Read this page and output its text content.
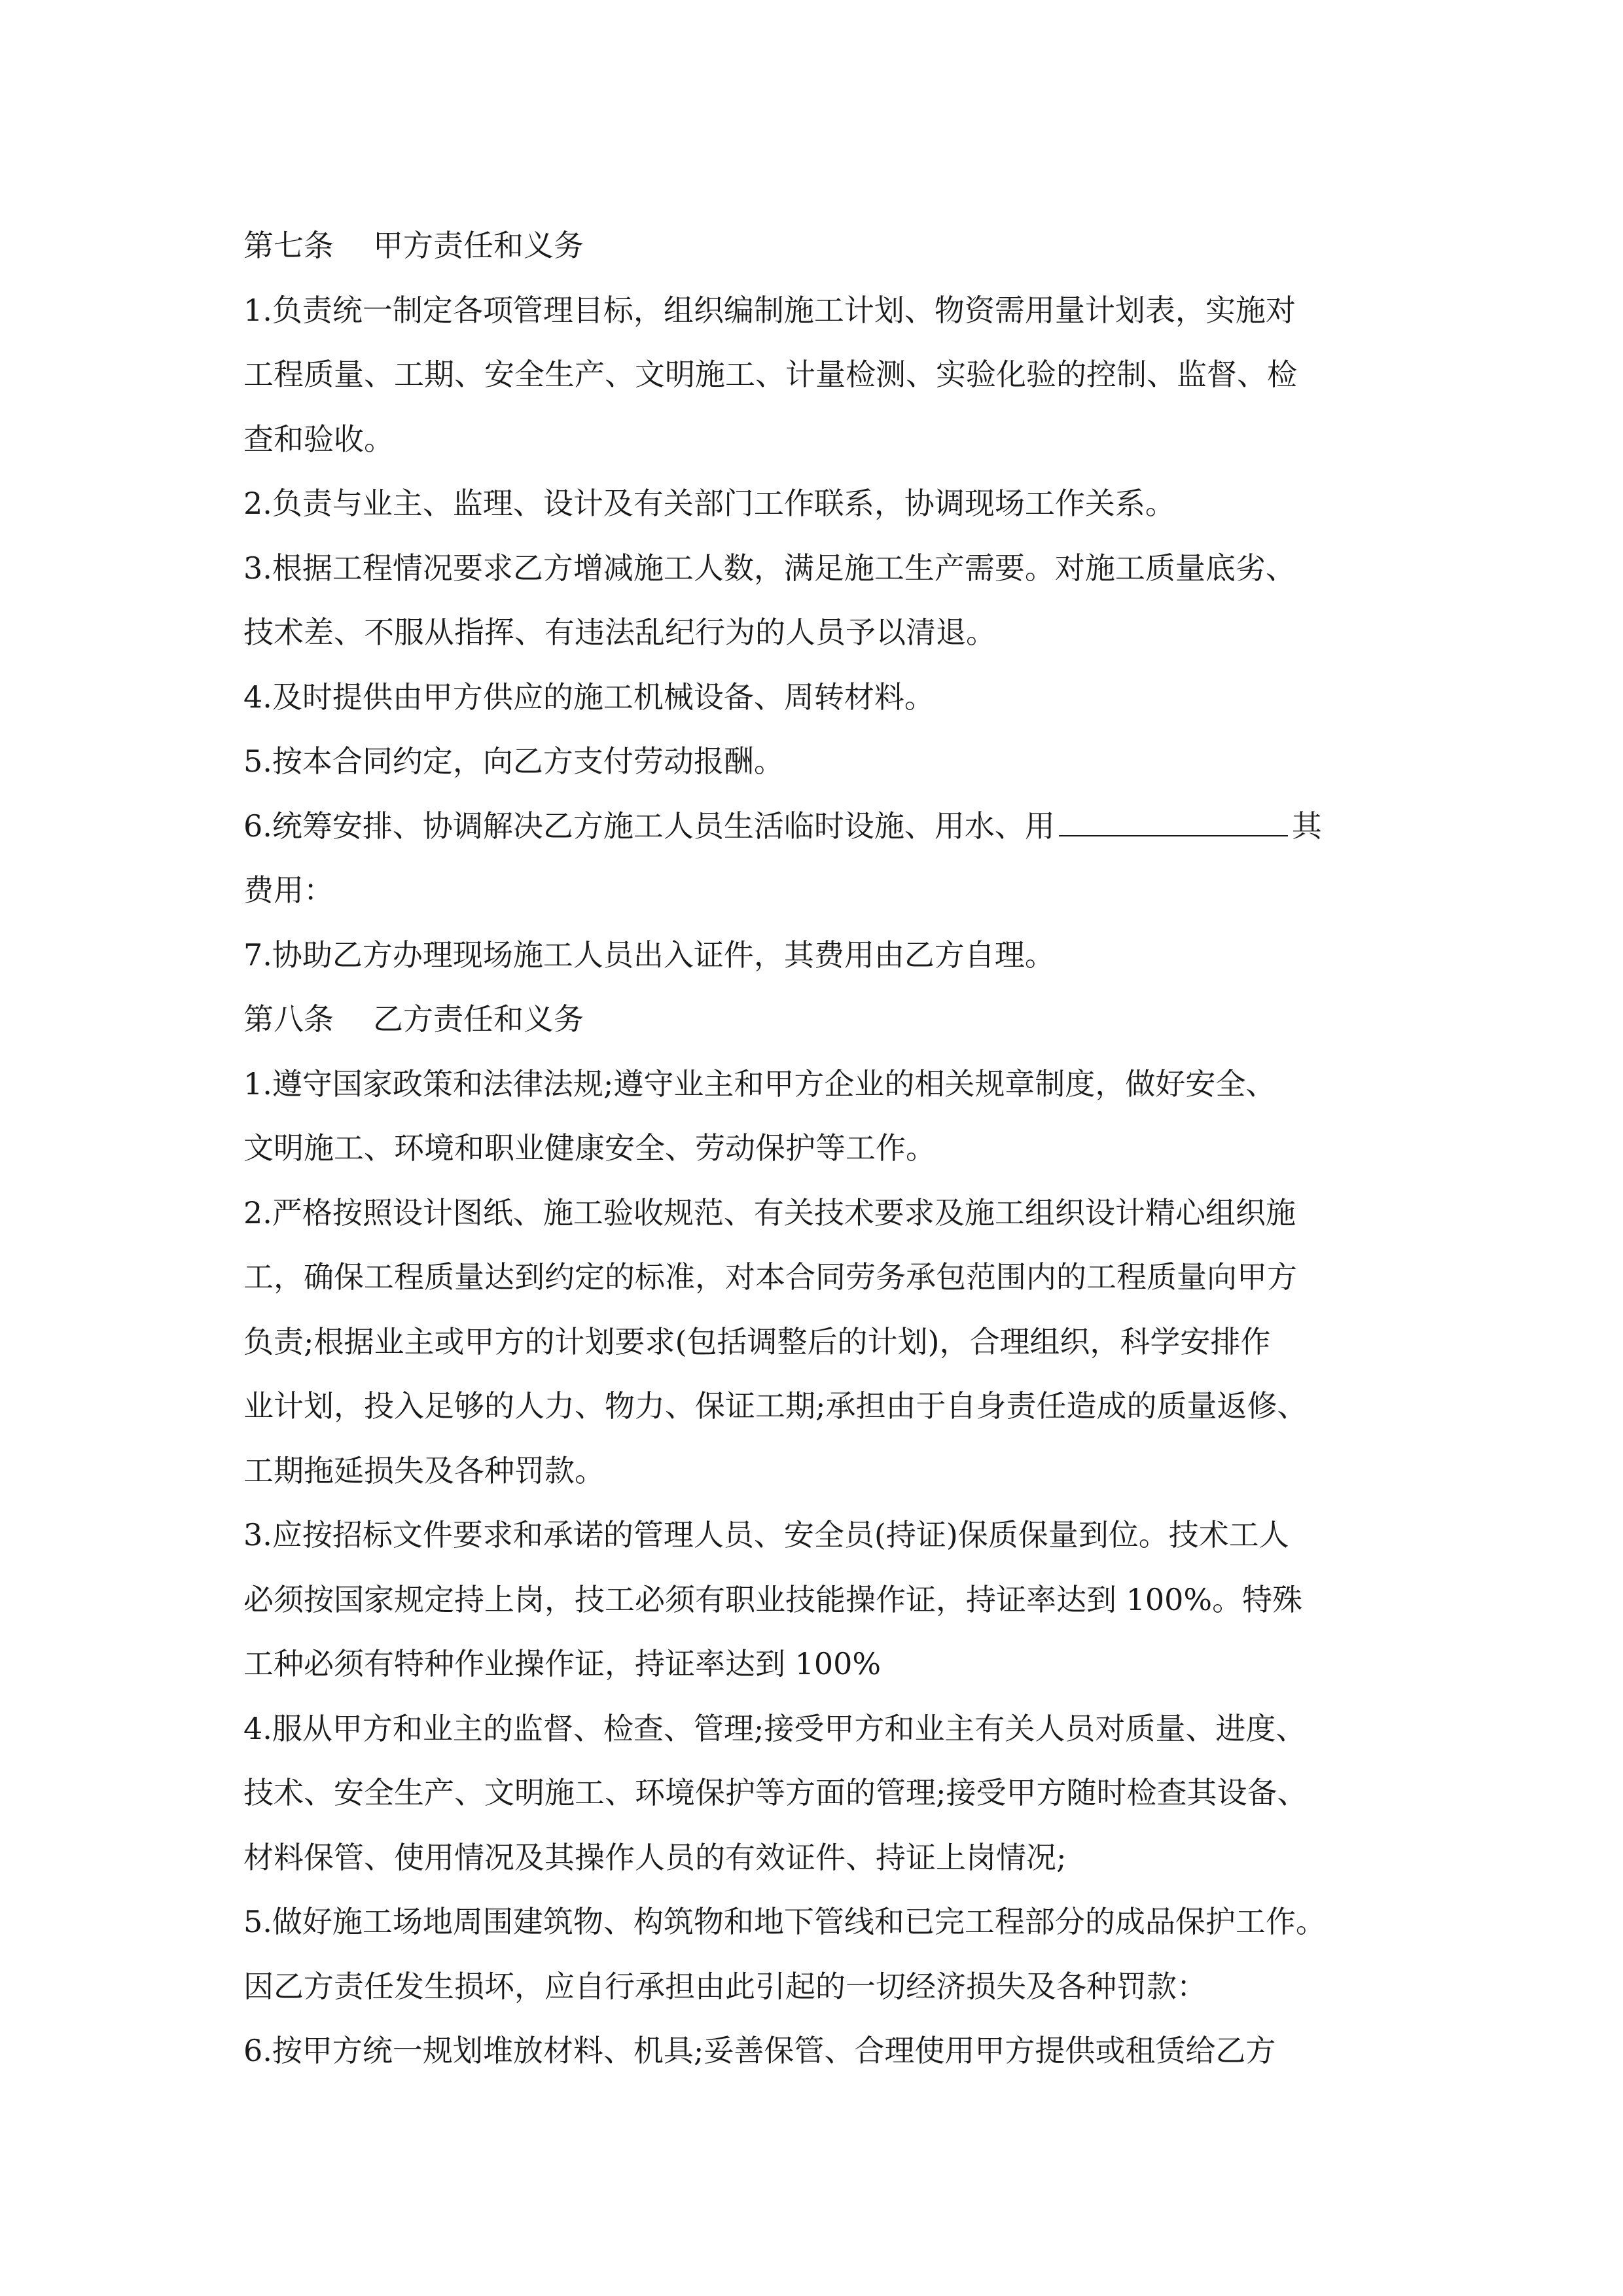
第七条 甲方责任和义务
1.负责统一制定各项管理目标，组织编制施工计划、物资需用量计划表，实施对
工程质量、工期、安全生产、文明施工、计量检测、实验化验的控制、监督、检
查和验收。
2.负责与业主、监理、设计及有关部门工作联系，协调现场工作关系。
3.根据工程情况要求乙方增减施工人数，满足施工生产需要。对施工质量底劣、
技术差、不服从指挥、有违法乱纪行为的人员予以清退。
4.及时提供由甲方供应的施工机械设备、周转材料。
5.按本合同约定，向乙方支付劳动报酬。
6.统筹安排、协调解决乙方施工人员生活临时设施、用水、用	其
费用：
7.协助乙方办理现场施工人员出入证件，其费用由乙方自理。
第八条 乙方责任和义务
1.遵守国家政策和法律法规;遵守业主和甲方企业的相关规章制度，做好安全、
文明施工、环境和职业健康安全、劳动保护等工作。
2.严格按照设计图纸、施工验收规范、有关技术要求及施工组织设计精心组织施
工，确保工程质量达到约定的标准，对本合同劳务承包范围内的工程质量向甲方
负责;根据业主或甲方的计划要求(包括调整后的计划)，合理组织，科学安排作
业计划，投入足够的人力、物力、保证工期;承担由于自身责任造成的质量返修、
工期拖延损失及各种罚款。
3.应按招标文件要求和承诺的管理人员、安全员(持证)保质保量到位。技术工人
必须按国家规定持上岗，技工必须有职业技能操作证，持证率达到 100%。特殊
工种必须有特种作业操作证，持证率达到 100%
4.服从甲方和业主的监督、检查、管理;接受甲方和业主有关人员对质量、进度、
技术、安全生产、文明施工、环境保护等方面的管理;接受甲方随时检查其设备、
材料保管、使用情况及其操作人员的有效证件、持证上岗情况;
5.做好施工场地周围建筑物、构筑物和地下管线和已完工程部分的成品保护工作。
因乙方责任发生损坏，应自行承担由此引起的一切经济损失及各种罚款：
6.按甲方统一规划堆放材料、机具;妥善保管、合理使用甲方提供或租赁给乙方
